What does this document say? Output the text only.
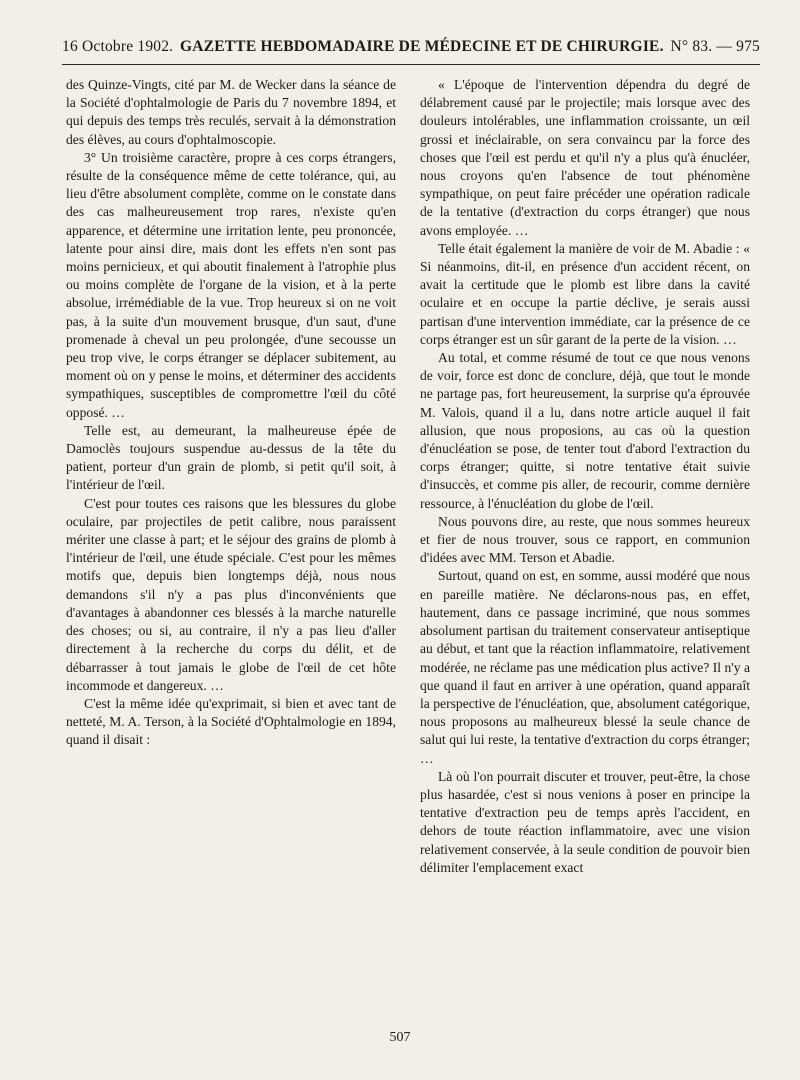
16 Octobre 1902. GAZETTE HEBDOMADAIRE DE MÉDECINE ET DE CHIRURGIE. N° 83. — 975

des Quinze-Vingts, cité par M. de Wecker dans la séance de la Société d'ophtalmologie de Paris du 7 novembre 1894, et qui depuis des temps très reculés, servait à la démonstration des élèves, au cours d'ophtalmoscopie.

3° Un troisième caractère, propre à ces corps étrangers, résulte de la conséquence même de cette tolérance, qui, au lieu d'être absolument complète, comme on le constate dans des cas malheureusement trop rares, n'existe qu'en apparence, et détermine une irritation lente, peu prononcée, latente pour ainsi dire, mais dont les effets n'en sont pas moins pernicieux, et qui aboutit finalement à l'atrophie plus ou moins complète de l'organe de la vision, et à la perte absolue, irrémédiable de la vue. Trop heureux si on ne voit pas, à la suite d'un mouvement brusque, d'un saut, d'une promenade à cheval un peu prolongée, d'une secousse un peu trop vive, le corps étranger se déplacer subitement, au moment où on y pense le moins, et déterminer des accidents sympathiques, susceptibles de compromettre l'œil du côté opposé. …

Telle est, au demeurant, la malheureuse épée de Damoclès toujours suspendue au-dessus de la tête du patient, porteur d'un grain de plomb, si petit qu'il soit, à l'intérieur de l'œil.

C'est pour toutes ces raisons que les blessures du globe oculaire, par projectiles de petit calibre, nous paraissent mériter une classe à part; et le séjour des grains de plomb à l'intérieur de l'œil, une étude spéciale. C'est pour les mêmes motifs que, depuis bien longtemps déjà, nous nous demandons s'il n'y a pas plus d'inconvénients que d'avantages à abandonner ces blessés à la marche naturelle des choses; ou si, au contraire, il n'y a pas lieu d'aller directement à la recherche du corps du délit, et de débarrasser à tout jamais le globe de l'œil de cet hôte incommode et dangereux. …

C'est la même idée qu'exprimait, si bien et avec tant de netteté, M. A. Terson, à la Société d'Ophtalmologie en 1894, quand il disait :

« L'époque de l'intervention dépendra du degré de délabrement causé par le projectile; mais lorsque avec des douleurs intolérables, une inflammation croissante, un œil grossi et inéclairable, on sera convaincu par la force des choses que l'œil est perdu et qu'il n'y a plus qu'à énucléer, nous croyons qu'en l'absence de tout phénomène sympathique, on peut faire précéder une opération radicale de la tentative (d'extraction du corps étranger) que nous avons employée. …

Telle était également la manière de voir de M. Abadie : « Si néanmoins, dit-il, en présence d'un accident récent, on avait la certitude que le plomb est libre dans la cavité oculaire et en occupe la partie déclive, je serais aussi partisan d'une intervention immédiate, car la présence de ce corps étranger est un sûr garant de la perte de la vision. …

Au total, et comme résumé de tout ce que nous venons de voir, force est donc de conclure, déjà, que tout le monde ne partage pas, fort heureusement, la surprise qu'a éprouvée M. Valois, quand il a lu, dans notre article auquel il fait allusion, que nous proposions, au cas où la question d'énucléation se pose, de tenter tout d'abord l'extraction du corps étranger; quitte, si notre tentative était suivie d'insuccès, et comme pis aller, de recourir, comme dernière ressource, à l'énucléation du globe de l'œil.

Nous pouvons dire, au reste, que nous sommes heureux et fier de nous trouver, sous ce rapport, en communion d'idées avec MM. Terson et Abadie.

Surtout, quand on est, en somme, aussi modéré que nous en pareille matière. Ne déclarons-nous pas, en effet, hautement, dans ce passage incriminé, que nous sommes absolument partisan du traitement conservateur antiseptique au début, et tant que la réaction inflammatoire, relativement modérée, ne réclame pas une médication plus active? Il n'y a que quand il faut en arriver à une opération, quand apparaît la perspective de l'énucléation, que, absolument catégorique, nous proposons au malheureux blessé la seule chance de salut qui lui reste, la tentative d'extraction du corps étranger; …

Là où l'on pourrait discuter et trouver, peut-être, la chose plus hasardée, c'est si nous venions à poser en principe la tentative d'extraction peu de temps après l'accident, en dehors de toute réaction inflammatoire, avec une vision relativement conservée, à la seule condition de pouvoir bien délimiter l'emplacement exact

507
